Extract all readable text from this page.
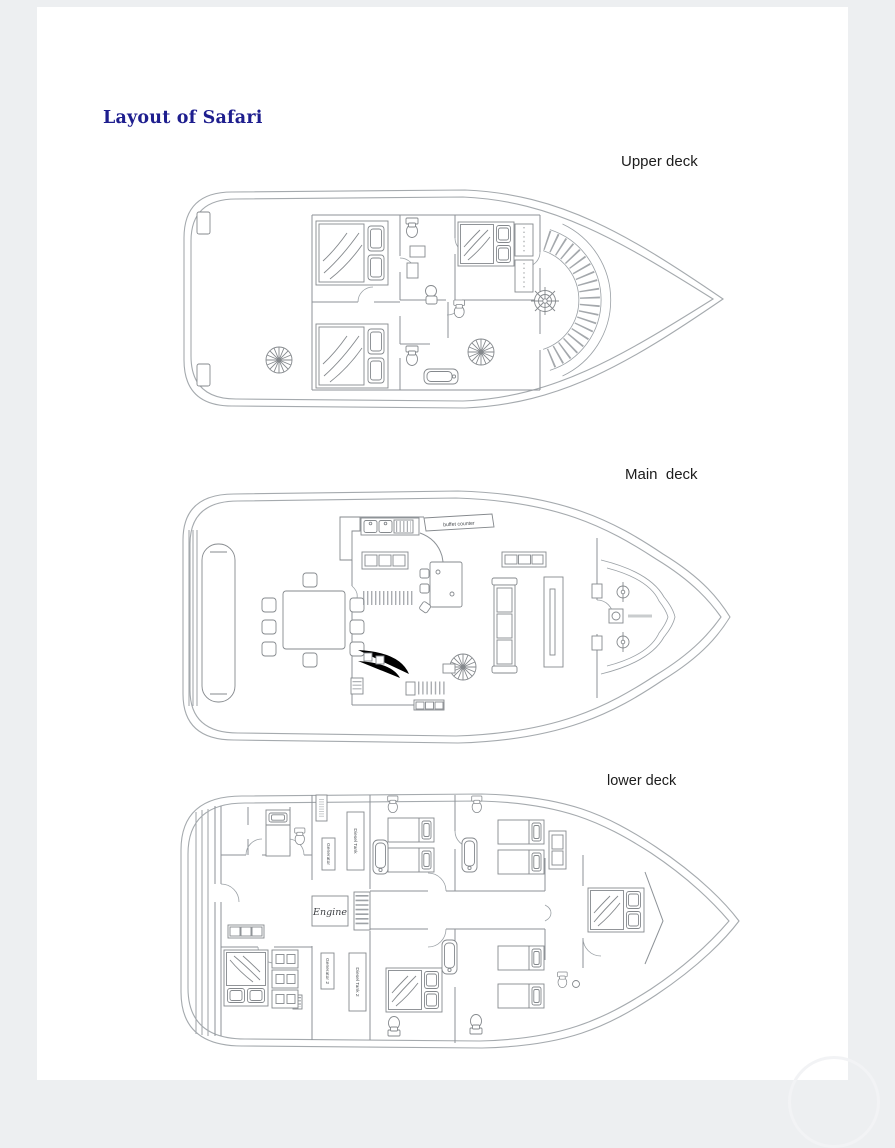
Layout of Safari
Upper deck
Main  deck
lower deck
buffet counter
Generator
Diesel Tank
Engine
Generator 2	Diesel Tank 2
